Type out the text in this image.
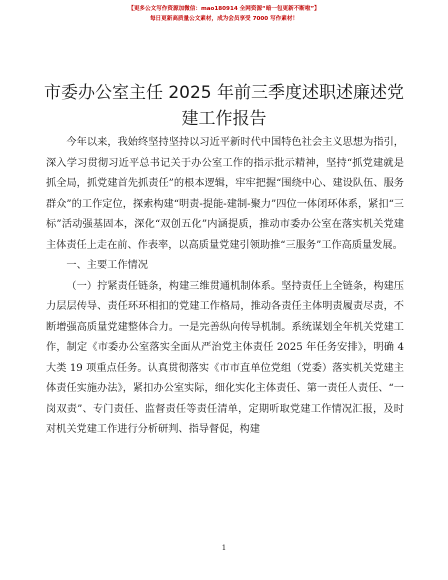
【更多公文写作资源加微信：mao180914 全网资源“暗一包更新不断啦”】
每日更新高质量公文素材，成为会员享受 7000 写作素材！
市委办公室主任 2025 年前三季度述职述廉述党建工作报告

今年以来，我始终坚持坚持以习近平新时代中国特色社会主义思想为指引，深入学习贯彻习近平总书记关于办公室工作的指示批示精神，坚持“抓党建就是抓全局，抓党建首先抓责任”的根本逻辑，牢牢把握“围绕中心、建设队伍、服务群众”的工作定位，探索构建“明责-提能-建制-聚力”四位一体闭环体系，紧扣“三标”活动强基固本，深化“双创五化”内涵提质，推动市委办公室在落实机关党建主体责任上走在前、作表率，以高质量党建引领助推“三服务”工作高质量发展。

一、主要工作情况

（一）拧紧责任链条，构建三维贯通机制体系。坚持责任上全链条，构建压力层层传导、责任环环相扣的党建工作格局，推动各责任主体明责履责尽责，不断增强高质量党建整体合力。一是完善纵向传导机制。系统谋划全年机关党建工作，制定《市委办公室落实全面从严治党主体责任 2025 年任务安排》，明确 4 大类 19 项重点任务。认真贯彻落实《市市直单位党组（党委）落实机关党建主体责任实施办法》，紧扣办公室实际，细化实化主体责任、第一责任人责任、“一岗双责”、专门责任、监督责任等责任清单，定期听取党建工作情况汇报，及时对机关党建工作进行分析研判、指导督促，构建

1
